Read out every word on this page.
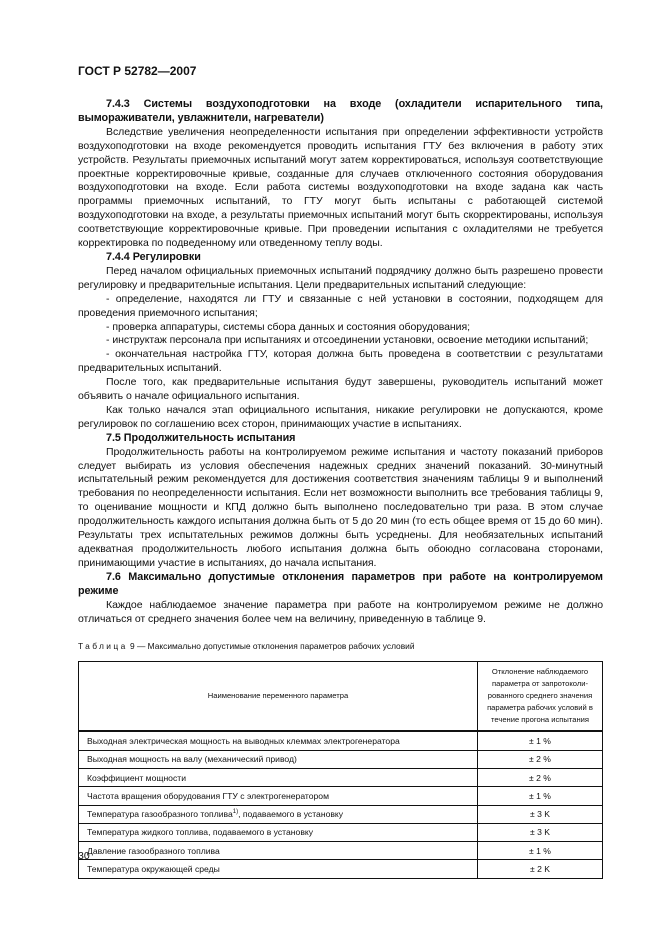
ГОСТ Р 52782—2007

7.4.3 Системы воздухоподготовки на входе (охладители испарительного типа, вымораживатели, увлажнители, нагреватели)

Вследствие увеличения неопределенности испытания при определении эффективности устройств воздухоподготовки на входе рекомендуется проводить испытания ГТУ без включения в работу этих устройств. Результаты приемочных испытаний могут затем корректироваться, используя соответствующие проектные корректировочные кривые, созданные для случаев отключенного состояния оборудования воздухоподготовки на входе. Если работа системы воздухоподготовки на входе задана как часть программы приемочных испытаний, то ГТУ могут быть испытаны с работающей системой воздухоподготовки на входе, а результаты приемочных испытаний могут быть скорректированы, используя соответствующие корректировочные кривые. При проведении испытания с охладителями не требуется корректировка по подведенному или отведенному теплу воды.

7.4.4 Регулировки

Перед началом официальных приемочных испытаний подрядчику должно быть разрешено провести регулировку и предварительные испытания. Цели предварительных испытаний следующие:

- определение, находятся ли ГТУ и связанные с ней установки в состоянии, подходящем для проведения приемочного испытания;

- проверка аппаратуры, системы сбора данных и состояния оборудования;

- инструктаж персонала при испытаниях и отсоединении установки, освоение методики испытаний;

- окончательная настройка ГТУ, которая должна быть проведена в соответствии с результатами предварительных испытаний.

После того, как предварительные испытания будут завершены, руководитель испытаний может объявить о начале официального испытания.

Как только начался этап официального испытания, никакие регулировки не допускаются, кроме регулировок по соглашению всех сторон, принимающих участие в испытаниях.

7.5 Продолжительность испытания

Продолжительность работы на контролируемом режиме испытания и частоту показаний приборов следует выбирать из условия обеспечения надежных средних значений показаний. 30-минутный испытательный режим рекомендуется для достижения соответствия значениям таблицы 9 и выполнений требования по неопределенности испытания. Если нет возможности выполнить все требования таблицы 9, то оценивание мощности и КПД должно быть выполнено последовательно три раза. В этом случае продолжительность каждого испытания должна быть от 5 до 20 мин (то есть общее время от 15 до 60 мин). Результаты трех испытательных режимов должны быть усреднены. Для необязательных испытаний адекватная продолжительность любого испытания должна быть обоюдно согласована сторонами, принимающими участие в испытаниях, до начала испытания.

7.6 Максимально допустимые отклонения параметров при работе на контролируемом режиме

Каждое наблюдаемое значение параметра при работе на контролируемом режиме не должно отличаться от среднего значения более чем на величину, приведенную в таблице 9.

Таблица 9 — Максимально допустимые отклонения параметров рабочих условий

Наименование переменного параметра	Отклонение наблюдаемого параметра от запротоколи-рованного среднего значения параметра рабочих условий в течение прогона испытания
Выходная электрическая мощность на выводных клеммах электрогенератора	± 1 %
Выходная мощность на валу (механический привод)	± 2 %
Коэффициент мощности	± 2 %
Частота вращения оборудования ГТУ с электрогенератором	± 1 %
Температура газообразного топлива$^{1)}$, подаваемого в установку	± 3 K
Температура жидкого топлива, подаваемого в установку	± 3 K
Давление газообразного топлива	± 1 %
Температура окружающей среды	± 2 K
30
